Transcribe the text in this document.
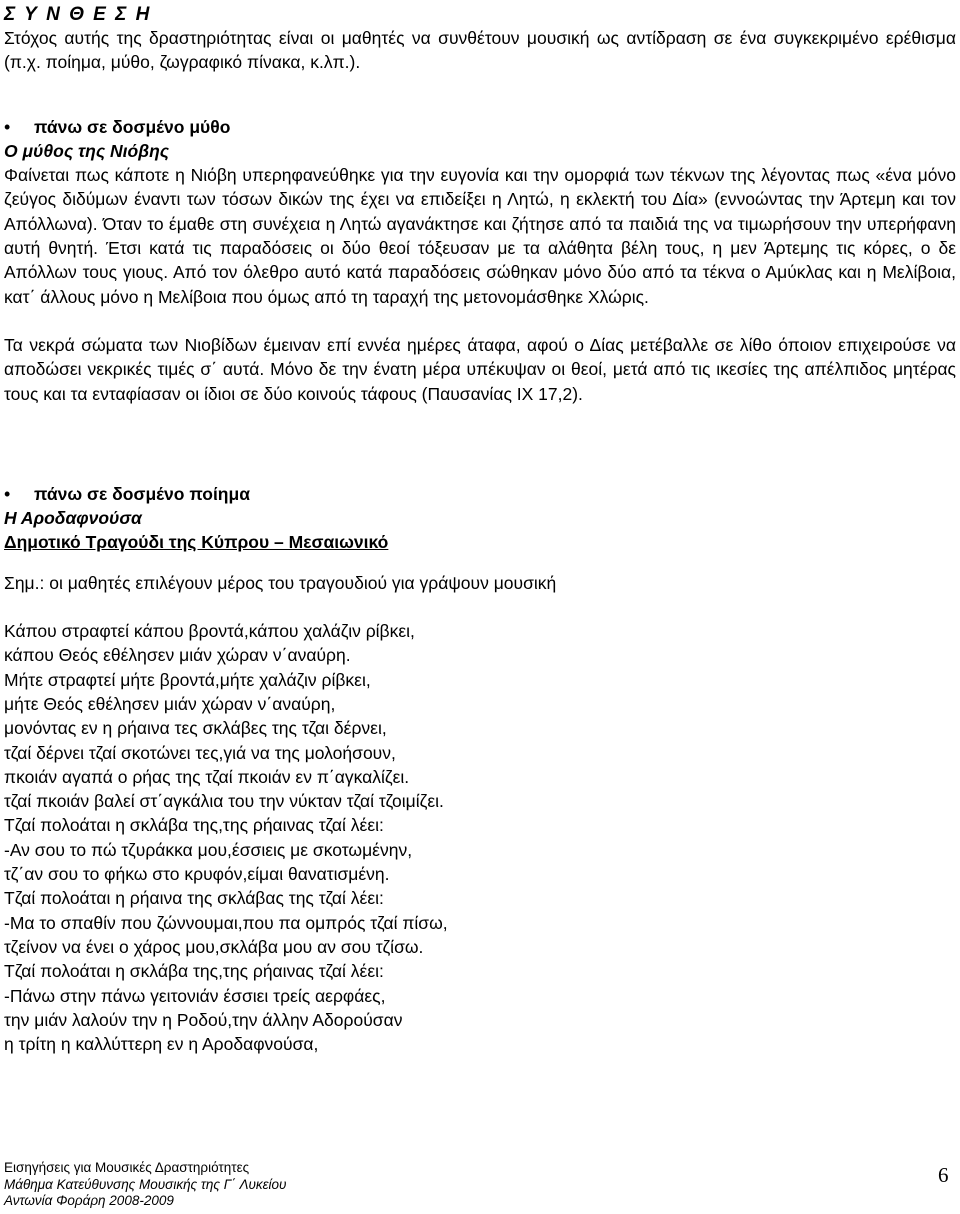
Σ Υ Ν Θ Ε Σ Η

Στόχος αυτής της δραστηριότητας είναι οι μαθητές να συνθέτουν μουσική ως αντίδραση σε ένα συγκεκριμένο ερέθισμα (π.χ. ποίημα, μύθο, ζωγραφικό πίνακα, κ.λπ.).

• πάνω σε δοσμένο μύθο
Ο μύθος της Νιόβης

Φαίνεται πως κάποτε η Νιόβη υπερηφανεύθηκε για την ευγονία και την ομορφιά των τέκνων της λέγοντας πως «ένα μόνο ζεύγος διδύμων έναντι των τόσων δικών της έχει να επιδείξει η Λητώ, η εκλεκτή του Δία» (εννοώντας την Άρτεμη και τον Απόλλωνα). Όταν το έμαθε στη συνέχεια η Λητώ αγανάκτησε και ζήτησε από τα παιδιά της να τιμωρήσουν την υπερήφανη αυτή θνητή. Έτσι κατά τις παραδόσεις οι δύο θεοί τόξευσαν με τα αλάθητα βέλη τους, η μεν Άρτεμης τις κόρες, ο δε Απόλλων τους γιους. Από τον όλεθρο αυτό κατά παραδόσεις σώθηκαν μόνο δύο από τα τέκνα ο Αμύκλας και η Μελίβοια, κατ΄ άλλους μόνο η Μελίβοια που όμως από τη ταραχή της μετονομάσθηκε Χλώρις.

Τα νεκρά σώματα των Νιοβίδων έμειναν επί εννέα ημέρες άταφα, αφού ο Δίας μετέβαλλε σε λίθο όποιον επιχειρούσε να αποδώσει νεκρικές τιμές σ΄ αυτά. Μόνο δε την ένατη μέρα υπέκυψαν οι θεοί, μετά από τις ικεσίες της απέλπιδος μητέρας τους και τα ενταφίασαν οι ίδιοι σε δύο κοινούς τάφους (Παυσανίας ΙΧ 17,2).

• πάνω σε δοσμένο ποίημα
Η Αροδαφνούσα
Δημοτικό Τραγούδι της Κύπρου – Μεσαιωνικό

Σημ.: οι μαθητές επιλέγουν μέρος του τραγουδιού για γράψουν μουσική

Κάπου στραφτεί κάπου βροντά,κάπου χαλάζιν ρίβκει,
κάπου Θεός εθέλησεν μιάν χώραν ν΄αναύρη.
Μήτε στραφτεί μήτε βροντά,μήτε χαλάζιν ρίβκει,
μήτε Θεός εθέλησεν μιάν χώραν ν΄αναύρη,
μονόντας εν η ρήαινα τες σκλάβες της τζαι δέρνει,
τζαί δέρνει τζαί σκοτώνει τες,γιά να της μολοήσουν,
πκοιάν αγαπά ο ρήας της τζαί πκοιάν εν π΄αγκαλίζει.
τζαί πκοιάν βαλεί στ΄αγκάλια του την νύκταν τζαί τζοιμίζει.
Τζαί πολοάται η σκλάβα της,της ρήαινας τζαί λέει:
-Αν σου το πώ τζυράκκα μου,έσσιεις με σκοτωμένην,
τζ΄αν σου το φήκω στο κρυφόν,είμαι θανατισμένη.
Τζαί πολοάται η ρήαινα της σκλάβας της τζαί λέει:
-Μα το σπαθίν που ζώννουμαι,που πα ομπρός τζαί πίσω,
τζείνον να ένει ο χάρος μου,σκλάβα μου αν σου τζίσω.
Τζαί πολοάται η σκλάβα της,της ρήαινας τζαί λέει:
-Πάνω στην πάνω γειτονιάν έσσιει τρείς αερφάες,
την μιάν λαλούν την η Ροδού,την άλλην Αδορούσαν
η τρίτη η καλλύττερη εν η Αροδαφνούσα,
Εισηγήσεις για Μουσικές Δραστηριότητες
Μάθημα Κατεύθυνσης Μουσικής της Γ΄ Λυκείου
Αντωνία Φοράρη 2008-2009
6
